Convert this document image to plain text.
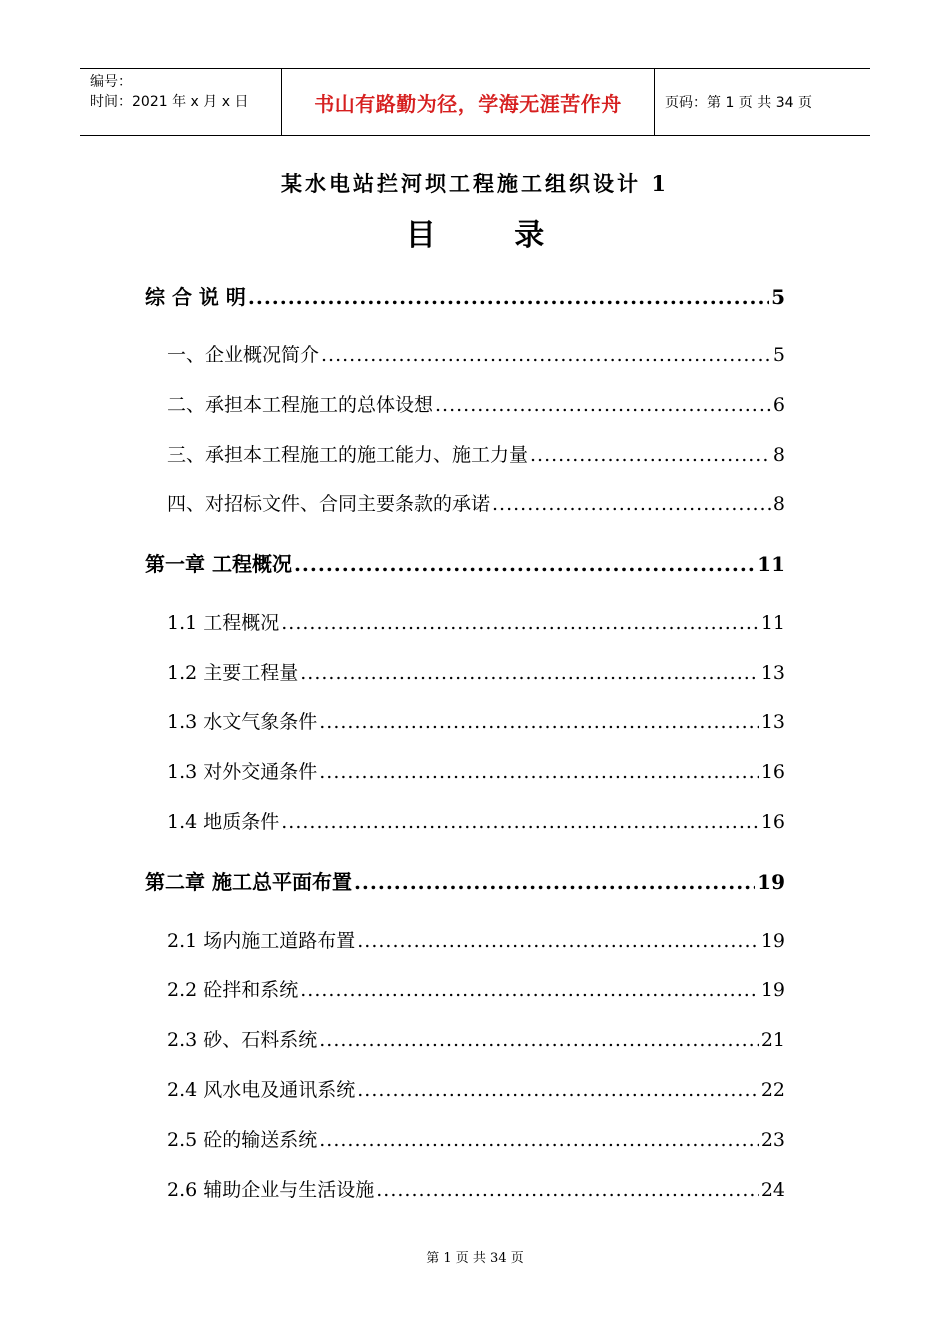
编号：
时间：2021 年 x 月 x 日	书山有路勤为径，学海无涯苦作舟	页码：第 1 页 共 34 页
某水电站拦河坝工程施工组织设计 1
目 录
综 合 说 明 .....	5
一、企业概况简介 .....	5
二、承担本工程施工的总体设想 .....	6
三、承担本工程施工的施工能力、施工力量 .....	8
四、对招标文件、合同主要条款的承诺 .....	8
第一章 工程概况 .....	11
1.1 工程概况 .....	11
1.2 主要工程量 .....	13
1.3 水文气象条件 .....	13
1.3 对外交通条件 .....	16
1.4 地质条件 .....	16
第二章 施工总平面布置 .....	19
2.1 场内施工道路布置 .....	19
2.2 砼拌和系统 .....	19
2.3 砂、石料系统 .....	21
2.4 风水电及通讯系统 .....	22
2.5 砼的输送系统 .....	23
2.6 辅助企业与生活设施 .....	24
第 1 页 共 34 页
